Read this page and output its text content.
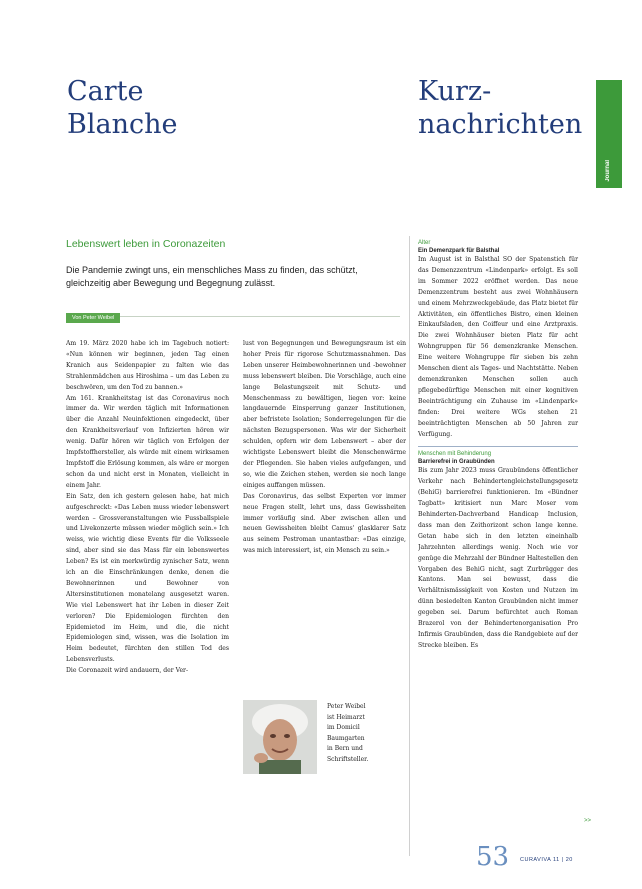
Carte
Blanche
Kurz-
nachrichten
Journal
Lebenswert leben in Coronazeiten
Die Pandemie zwingt uns, ein menschliches Mass zu finden, das schützt, gleichzeitig aber Bewegung und Begegnung zulässt.
Von Peter Weibel
Am 19. März 2020 habe ich im Tagebuch notiert: «Nun können wir beginnen, jeden Tag einen Kranich aus Seidenpapier zu falten wie das Strahlenmädchen aus Hiroshima – um das Leben zu beschwören, um den Tod zu bannen.»
Am 161. Krankheitstag ist das Coronavirus noch immer da. Wir werden täglich mit Informationen über die Anzahl Neuinfektionen eingedeckt, über den Krankheitsverlauf von Infizierten hören wir wenig. Dafür hören wir täglich von Erfolgen der Impfstoffhersteller, als würde mit einem wirksamen Impfstoff die Erlösung kommen, als wäre er morgen schon da und nicht erst in Monaten, vielleicht in einem Jahr.
Ein Satz, den ich gestern gelesen habe, hat mich aufgeschreckt: «Das Leben muss wieder lebenswert werden – Grossveranstaltungen wie Fussballspiele und Livekonzerte müssen wieder möglich sein.» Ich weiss, wie wichtig diese Events für die Volksseele sind, aber sind sie das Mass für ein lebenswertes Leben? Es ist ein merkwürdig zynischer Satz, wenn ich an die Einschränkungen denke, denen die Bewohnerinnen und Bewohner von Altersinstitutionen monatelang ausgesetzt waren. Wie viel Lebenswert hat ihr Leben in dieser Zeit verloren? Die Epidemiologen fürchten den Epidemietod im Heim, und die, die nicht Epidemiologen sind, wissen, was die Isolation im Heim bedeutet, fürchten den stillen Tod des Lebensverlusts.
Die Coronazeit wird andauern, der Ver-
lust von Begegnungen und Bewegungsraum ist ein hoher Preis für rigorose Schutzmassnahmen. Das Leben unserer Heimbewohnerinnen und -bewohner muss lebenswert bleiben. Die Vorschläge, auch eine lange Belastungszeit mit Schutz- und Menschenmass zu bewältigen, liegen vor: keine langdauernde Einsperrung ganzer Institutionen, aber befristete Isolation; Sonderregelungen für die nächsten Bezugspersonen. Was wir der Sicherheit schulden, opfern wir dem Lebenswert – aber der wichtigste Lebenswert bleibt die Menschenwärme der Pflegenden. Sie haben vieles aufgefangen, und so, wie die Zeichen stehen, werden sie noch lange einiges auffangen müssen.
Das Coronavirus, das selbst Experten vor immer neue Fragen stellt, lehrt uns, dass Gewissheiten immer vorläufig sind. Aber zwischen allen und neuen Gewissheiten bleibt Camus' glasklarer Satz aus seinem Pestroman unantastbar: «Das einzige, was mich interessiert, ist, ein Mensch zu sein.»
Peter Weibel
ist Heimarzt
im Domicil
Baumgarten
in Bern und
Schriftsteller.
Alter
Ein Demenzpark für Balsthal
Im August ist in Balsthal SO der Spatenstich für das Demenzzentrum «Lindenpark» erfolgt. Es soll im Sommer 2022 eröffnet werden. Das neue Demenzzentrum besteht aus zwei Wohnhäusern und einem Mehrzweckgebäude, das Platz bietet für Aktivitäten, ein öffentliches Bistro, einen kleinen Einkaufsladen, den Coiffeur und eine Arztpraxis. Die zwei Wohnhäuser bieten Platz für acht Wohngruppen für 56 demenzkranke Menschen. Eine weitere Wohngruppe für sieben bis zehn Menschen dient als Tages- und Nachtstätte. Neben demenzkranken Menschen sollen auch pflegebedürftige Menschen mit einer kognitiven Beeinträchtigung ein Zuhause im «Lindenpark» finden: Drei weitere WGs stehen 21 beeinträchtigten Menschen ab 50 Jahren zur Verfügung.
Menschen mit Behinderung
Barrierefrei in Graubünden
Bis zum Jahr 2023 muss Graubündens öffentlicher Verkehr nach Behindertengleichstellungsgesetz (BehiG) barrierefrei funktionieren. Im «Bündner Tagbatt» kritisiert nun Marc Moser vom Behinderten-Dachverband Handicap Inclusion, dass man den Zeithorizont schon lange kenne. Getan habe sich in den letzten eineinhalb Jahrzehnten allerdings wenig. Noch wie vor genüge die Mehrzahl der Bündner Haltestellen den Vorgaben des BehiG nicht, sagt Zurbrügger des Kantons. Man sei bewusst, dass die Verhältnismässigkeit von Kosten und Nutzen im dünn besiedelten Kanton Graubünden nicht immer gegeben sei. Darum befürchtet auch Roman Brazerol von der Behindertenorganisation Pro Infirmis Graubünden, dass die Randgebiete auf der Strecke bleiben. Es
>>
53 CURAVIVA 11 | 20
